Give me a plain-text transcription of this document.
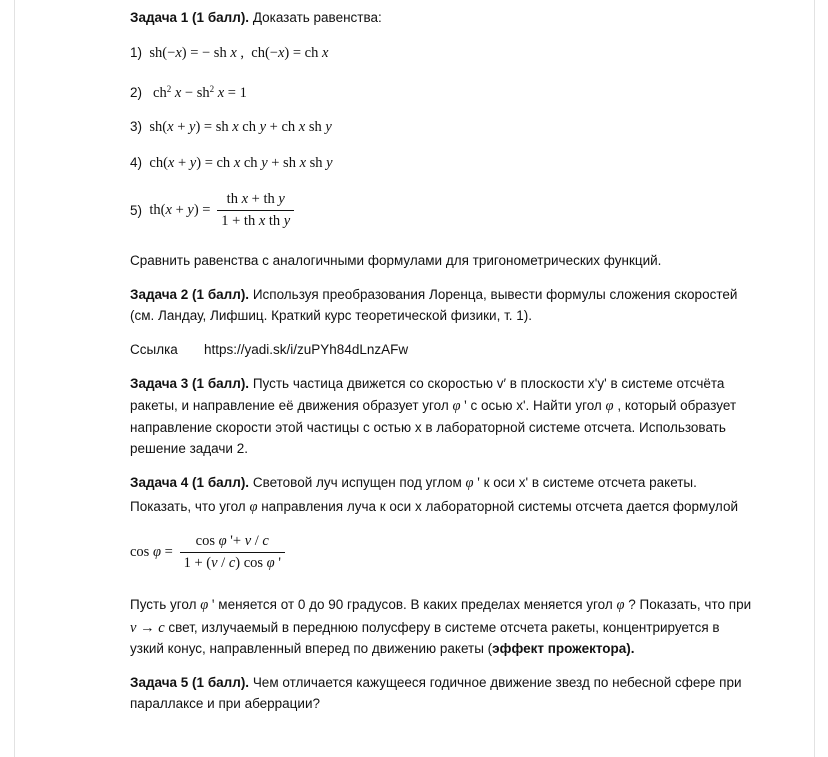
Задача 1 (1 балл). Доказать равенства:
1)  sh(−x) = − sh x ,  ch(−x) = ch x
2)   $ch^2$ $x - sh^2$ x = 1
3)  sh(x + y) = sh x ch y + ch x sh y
4)  ch(x + y) = ch x ch y + sh x sh y
5)  $th(x + y) = \frac{\text{th x + th y}}{\text{1 + th x th y}}$
Сравнить равенства с аналогичными формулами для тригонометрических функций.
Задача 2 (1 балл). Используя преобразования Лоренца, вывести формулы сложения скоростей
(см. Ландау, Лифшиц. Краткий курс теоретической физики, т. 1).
Ссылка https://yadi.sk/i/zuPYh84dLnzAFw
Задача 3 (1 балл). Пусть частица движется со скоростью v′ в плоскости x'y' в системе отсчёта
ракеты, и направление её движения образует угол φ ' с осью x'. Найти угол φ , который образует
направление скорости этой частицы с остью x в лабораторной системе отсчета. Использовать
решение задачи 2.
Задача 4 (1 балл). Световой луч испущен под углом φ ' к оси x' в системе отсчета ракеты.
Показать, что угол φ направления луча к оси x лабораторной системы отсчета дается формулой
$\cos \varphi = \frac{\text{cos φ '+ v / c}}{\text{1 + (v / c) cos φ '}}$
Пусть угол φ ' меняется от 0 до 90 градусов. В каких пределах меняется угол φ ? Показать, что при
v → c свет, излучаемый в переднюю полусферу в системе отсчета ракеты, концентрируется в
узкий конус, направленный вперед по движению ракеты (эффект прожектора).
Задача 5 (1 балл). Чем отличается кажущееся годичное движение звезд по небесной сфере при
параллаксе и при аберрации?
